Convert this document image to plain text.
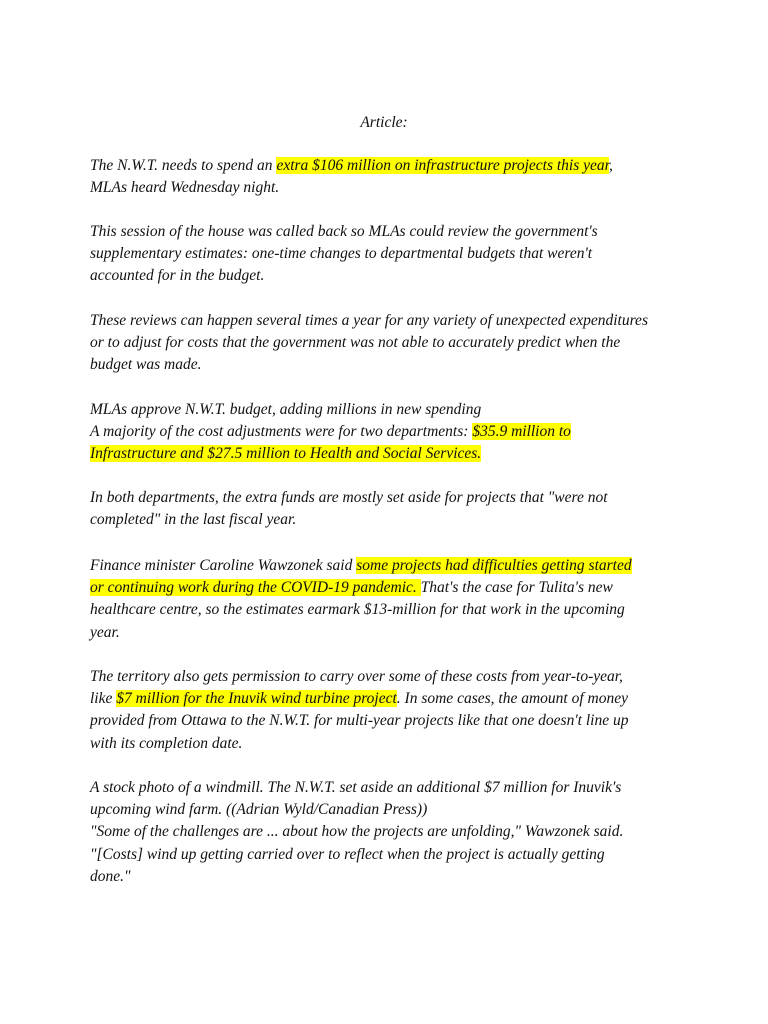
Article:
The N.W.T. needs to spend an extra $106 million on infrastructure projects this year,
MLAs heard Wednesday night.
This session of the house was called back so MLAs could review the government's
supplementary estimates: one-time changes to departmental budgets that weren't
accounted for in the budget.
These reviews can happen several times a year for any variety of unexpected expenditures
or to adjust for costs that the government was not able to accurately predict when the
budget was made.
MLAs approve N.W.T. budget, adding millions in new spending
A majority of the cost adjustments were for two departments: $35.9 million to
Infrastructure and $27.5 million to Health and Social Services.
In both departments, the extra funds are mostly set aside for projects that "were not
completed" in the last fiscal year.
Finance minister Caroline Wawzonek said some projects had difficulties getting started
or continuing work during the COVID-19 pandemic. That's the case for Tulita's new
healthcare centre, so the estimates earmark $13-million for that work in the upcoming
year.
The territory also gets permission to carry over some of these costs from year-to-year,
like $7 million for the Inuvik wind turbine project. In some cases, the amount of money
provided from Ottawa to the N.W.T. for multi-year projects like that one doesn't line up
with its completion date.
A stock photo of a windmill. The N.W.T. set aside an additional $7 million for Inuvik's
upcoming wind farm. ((Adrian Wyld/Canadian Press))
"Some of the challenges are ... about how the projects are unfolding," Wawzonek said.
"[Costs] wind up getting carried over to reflect when the project is actually getting
done."
